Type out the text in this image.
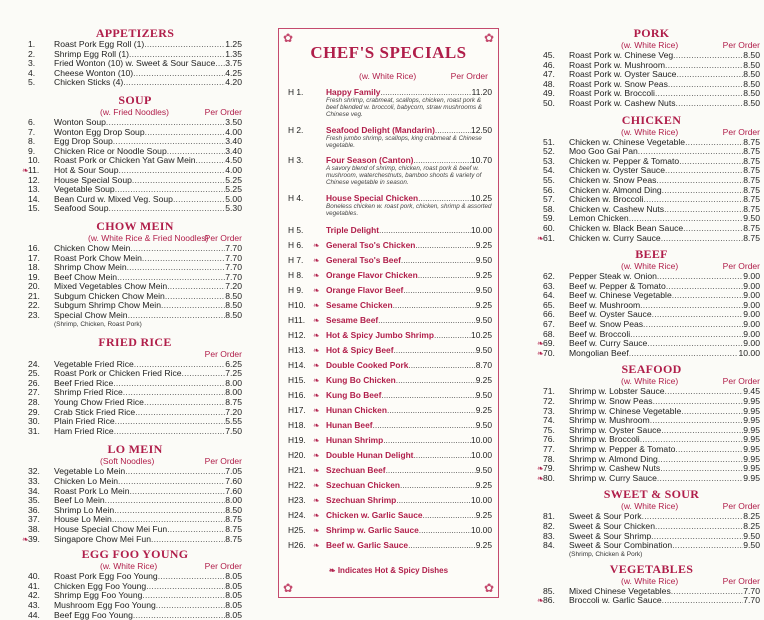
APPETIZERS
1.	Roast Pork Egg Roll (1) .....	1.25
2.	Shrimp Egg Roll (1) .....	1.35
3.	Fried Wonton (10) w. Sweet & Sour Sauce ..... 3.75
4.	Cheese Wonton (10) .....	4.25
5.	Chicken Sticks (4) .....	4.20
SOUP
(w. Fried Noodles)	Per Order
6.	Wonton Soup .....	3.50
7.	Wonton Egg Drop Soup .....	4.00
8.	Egg Drop Soup .....	3.40
9.	Chicken Rice or Noodle Soup .....	3.40
10.	Roast Pork or Chicken Yat Gaw Mein .....	4.50
❧ 11.	Hot & Sour Soup .....	4.00
12.	House Special Soup .....	5.25
13.	Vegetable Soup .....	5.25
14.	Bean Curd w. Mixed Veg. Soup .....	5.00
15.	Seafood Soup .....	5.30
CHOW MEIN
(w. White Rice & Fried Noodles)
Per Order
16.	Chicken Chow Mein .....	7.70
17.	Roast Pork Chow Mein .....	7.70
18.	Shrimp Chow Mein .....	7.70
19.	Beef Chow Mein .....	7.70
20.	Mixed Vegetables Chow Mein .....	7.20
21.	Subgum Chicken Chow Mein .....	8.50
22.	Subgum Shrimp Chow Mein .....	8.50
23.	Special Chow Mein .....	8.50
(Shrimp, Chicken, Roast Pork)
FRIED RICE
Per Order
24.	Vegetable Fried Rice .....	6.25
25.	Roast Pork or Chicken Fried Rice .....	7.25
26.	Beef Fried Rice .....	8.00
27.	Shrimp Fried Rice .....	8.00
28.	Young Chow Fried Rice .....	8.75
29.	Crab Stick Fried Rice .....	7.20
30.	Plain Fried Rice .....	5.55
31.	Ham Fried Rice .....	7.50
LO MEIN
(Soft Noodles)	Per Order
32.	Vegetable Lo Mein .....	7.05
33.	Chicken Lo Mein .....	7.60
34.	Roast Pork Lo Mein .....	7.60
35.	Beef Lo Mein .....	8.00
36.	Shrimp Lo Mein .....	8.50
37.	House Lo Mein .....	8.75
38.	House Special Chow Mei Fun .....	8.75
❧ 39.	Singapore Chow Mei Fun .....	8.75
EGG FOO YOUNG
(w. White Rice)	Per Order
40.	Roast Pork Egg Foo Young .....	8.05
41.	Chicken Egg Foo Young .....	8.05
42.	Shrimp Egg Foo Young .....	8.05
43.	Mushroom Egg Foo Young .....	8.05
44.	Beef Egg Foo Young .....	8.05
✿	✿
✿	✿
CHEF'S SPECIALS
(w. White Rice)	Per Order
H 1.	Happy Family .....	11.20
Fresh shrimp, crabmeat, scallops, chicken, roast pork & beef blended w. broccoli, babycorn, straw mushrooms & Chinese veg.
H 2.	Seafood Delight (Mandarin) .....	12.50
Fresh jumbo shrimp, scallops, king crabmeat & Chinese vegetable.
H 3.	Four Season (Canton) .....	10.70
A savory blend of shrimp, chicken, roast pork & beef w. mushroom, waterchestnuts, bamboo shoots & variety of Chinese vegetable in season.
H 4.	House Special Chicken .....	10.25
Boneless chicken w. roast pork, chicken, shrimp & assorted vegetables.
H 5.	Triple Delight .....	10.00
H 6.	❧ General Tso's Chicken .....	9.25
H 7.	❧ General Tso's Beef .....	9.50
H 8.	❧ Orange Flavor Chicken .....	9.25
H 9.	❧ Orange Flavor Beef .....	9.50
H10. ❧ Sesame Chicken .....	9.25
H11. ❧ Sesame Beef .....	9.50
H12. ❧ Hot & Spicy Jumbo Shrimp .....	10.25
H13. ❧ Hot & Spicy Beef .....	9.50
H14. ❧ Double Cooked Pork .....	8.70
H15. ❧ Kung Bo Chicken .....	9.25
H16. ❧ Kung Bo Beef .....	9.50
H17. ❧ Hunan Chicken .....	9.25
H18. ❧ Hunan Beef .....	9.50
H19. ❧ Hunan Shrimp .....	10.00
H20. ❧ Double Hunan Delight .....	10.00
H21. ❧ Szechuan Beef .....	9.50
H22. ❧ Szechuan Chicken .....	9.25
H23. ❧ Szechuan Shrimp .....	10.00
H24. ❧ Chicken w. Garlic Sauce .....	9.25
H25. ❧ Shrimp w. Garlic Sauce .....	10.00
H26. ❧ Beef w. Garlic Sauce .....	9.25
❧ Indicates Hot & Spicy Dishes
PORK
(w. White Rice)	Per Order
45.	Roast Pork w. Chinese Veg .....	8.50
46.	Roast Pork w. Mushroom .....	8.50
47.	Roast Pork w. Oyster Sauce .....	8.50
48.	Roast Pork w. Snow Peas .....	8.50
49.	Roast Pork w. Broccoli .....	8.50
50.	Roast Pork w. Cashew Nuts .....	8.50
CHICKEN
(w. White Rice)	Per Order
51.	Chicken w. Chinese Vegetable .....	8.75
52.	Moo Goo Gai Pan .....	8.75
53.	Chicken w. Pepper & Tomato .....	8.75
54.	Chicken w. Oyster Sauce .....	8.75
55.	Chicken w. Snow Peas .....	8.75
56.	Chicken w. Almond Ding .....	8.75
57.	Chicken w. Broccoli .....	8.75
58.	Chicken w. Cashew Nuts .....	8.75
59.	Lemon Chicken .....	9.50
60.	Chicken w. Black Bean Sauce .....	8.75
❧ 61.	Chicken w. Curry Sauce .....	8.75
BEEF
(w. White Rice)	Per Order
62.	Pepper Steak w. Onion .....	9.00
63.	Beef w. Pepper & Tomato .....	9.00
64.	Beef w. Chinese Vegetable .....	9.00
65.	Beef w. Mushroom .....	9.00
66.	Beef w. Oyster Sauce .....	9.00
67.	Beef w. Snow Peas .....	9.00
68.	Beef w. Broccoli .....	9.00
❧ 69.	Beef w. Curry Sauce .....	9.00
❧ 70.	Mongolian Beef .....	10.00
SEAFOOD
(w. White Rice)	Per Order
71.	Shrimp w. Lobster Sauce .....	9.45
72.	Shrimp w. Snow Peas .....	9.95
73.	Shrimp w. Chinese Vegetable .....	9.95
74.	Shrimp w. Mushroom .....	9.95
75.	Shrimp w. Oyster Sauce .....	9.95
76.	Shrimp w. Broccoli .....	9.95
77.	Shrimp w. Pepper & Tomato .....	9.95
78.	Shrimp w. Almond Ding .....	9.95
❧ 79.	Shrimp w. Cashew Nuts .....	9.95
❧ 80.	Shrimp w. Curry Sauce .....	9.95
SWEET & SOUR
(w. White Rice)	Per Order
81.	Sweet & Sour Pork .....	8.25
82.	Sweet & Sour Chicken .....	8.25
83.	Sweet & Sour Shrimp .....	9.50
84.	Sweet & Sour Combination .....	9.50
(Shrimp, Chicken & Pork)
VEGETABLES
(w. White Rice)	Per Order
85.	Mixed Chinese Vegetables .....	7.70
❧ 86.	Broccoli w. Garlic Sauce .....	7.70
